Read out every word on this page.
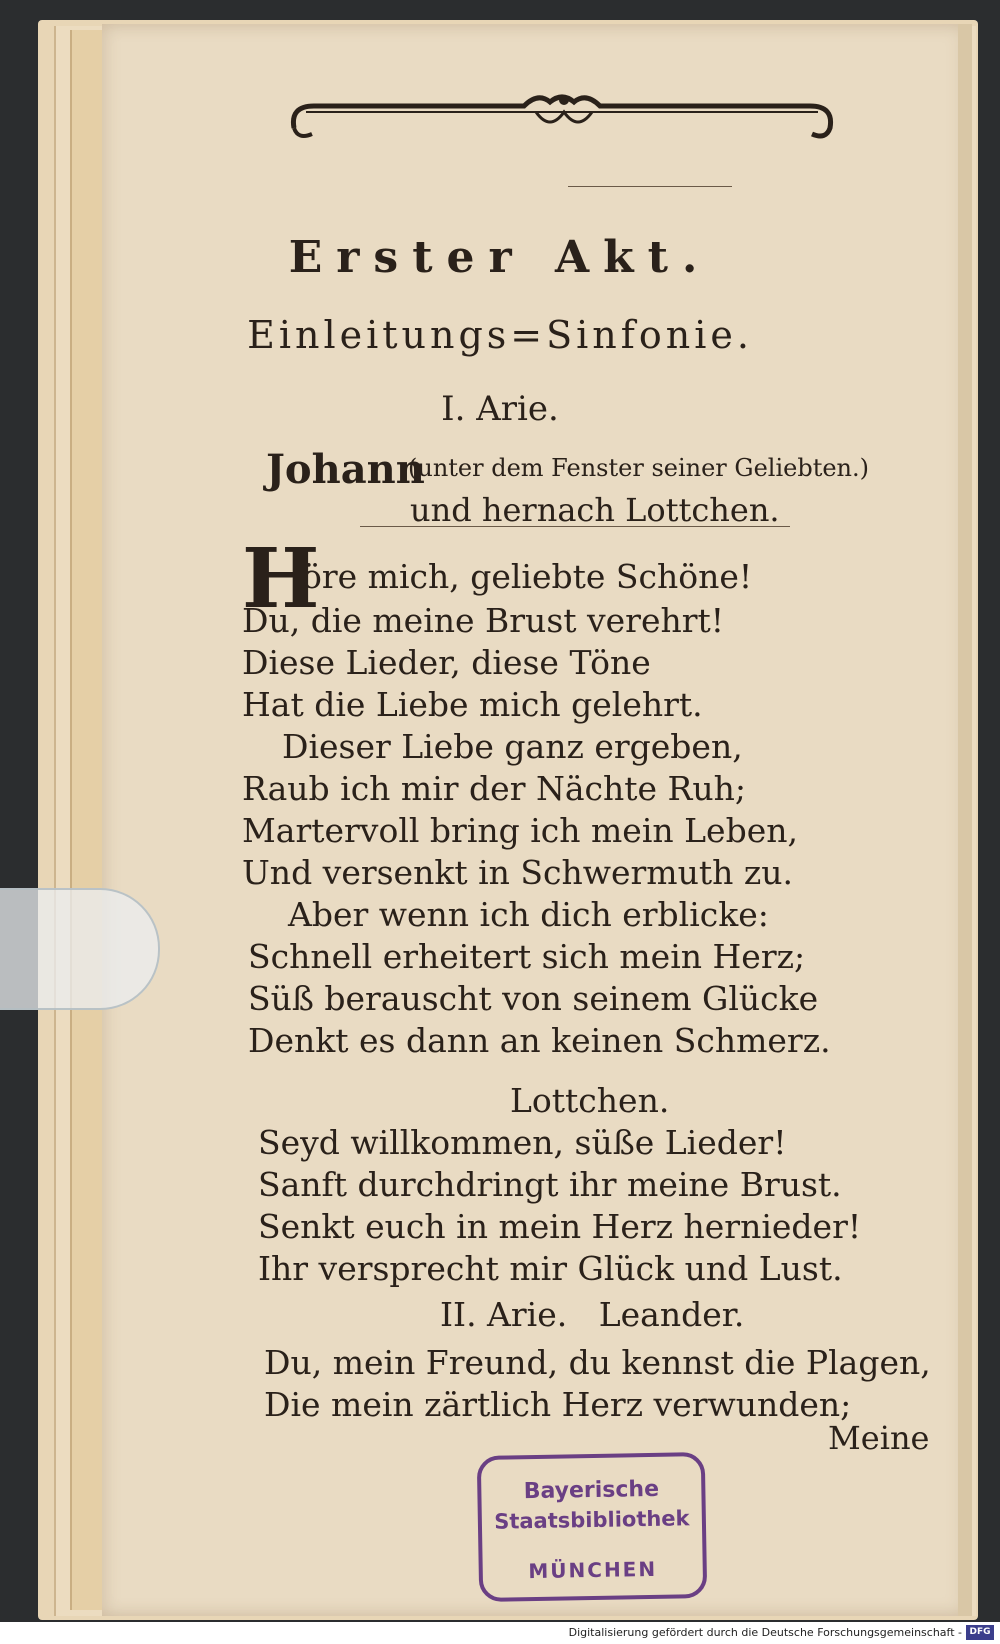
Erster Akt.
Einleitungs=Sinfonie.
I. Arie.
Johann
(unter dem Fenster seiner Geliebten.)
und hernach Lottchen.
H
öre mich, geliebte Schöne!
Du, die meine Brust verehrt!
Diese Lieder, diese Töne
Hat die Liebe mich gelehrt.
Dieser Liebe ganz ergeben,
Raub ich mir der Nächte Ruh;
Martervoll bring ich mein Leben,
Und versenkt in Schwermuth zu.
Aber wenn ich dich erblicke:
Schnell erheitert sich mein Herz;
Süß berauscht von seinem Glücke
Denkt es dann an keinen Schmerz.
Lottchen.
Seyd willkommen, süße Lieder!
Sanft durchdringt ihr meine Brust.
Senkt euch in mein Herz hernieder!
Ihr versprecht mir Glück und Lust.
II. Arie.   Leander.
Du, mein Freund, du kennst die Plagen,
Die mein zärtlich Herz verwunden;
Meine
Bayerische
Staatsbibliothek
MÜNCHEN
Digitalisierung gefördert durch die Deutsche Forschungsgemeinschaft - DFG
